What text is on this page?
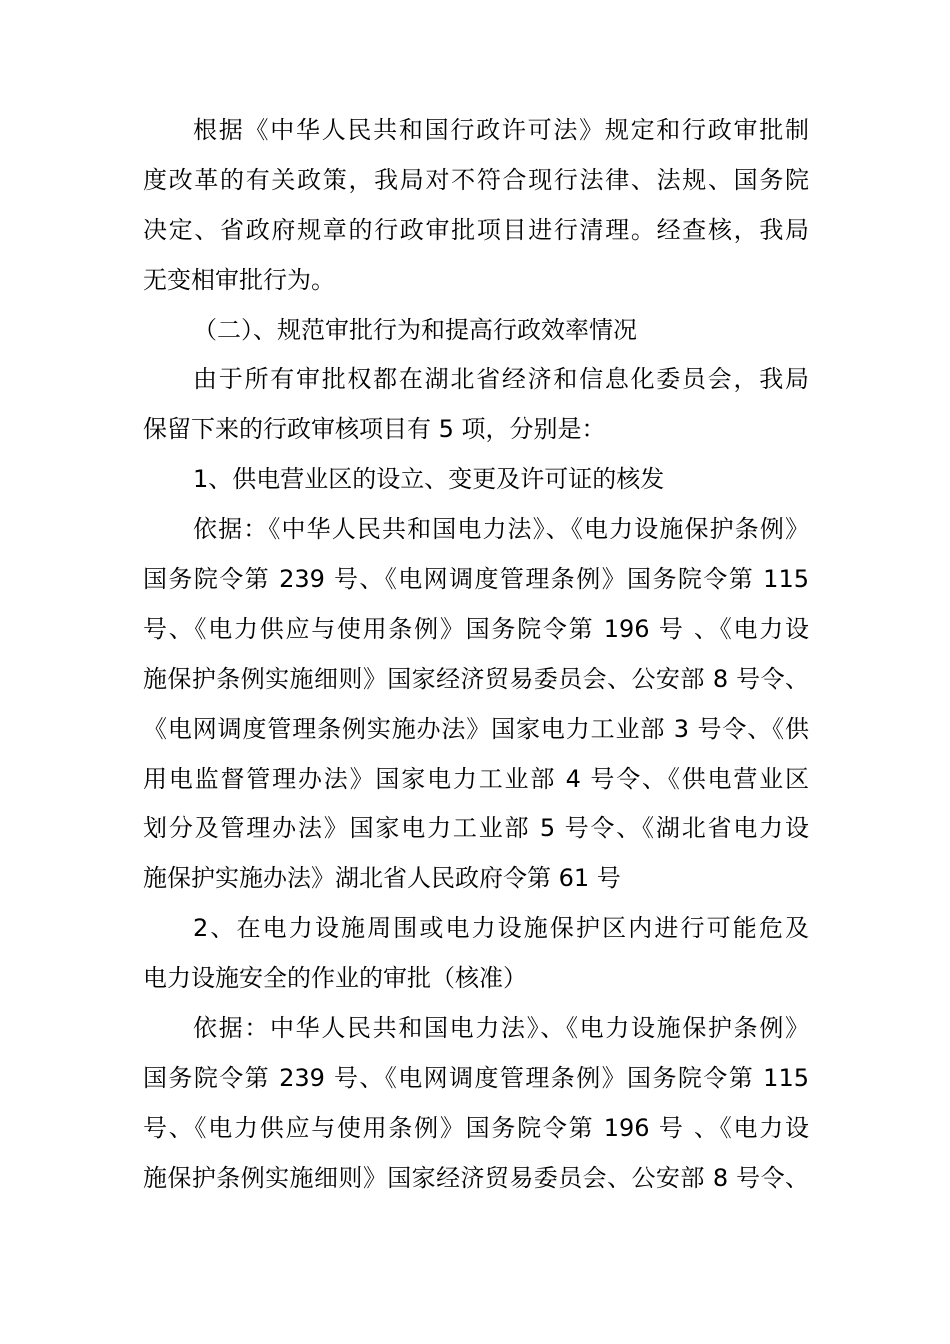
根据《中华人民共和国行政许可法》规定和行政审批制
度改革的有关政策，我局对不符合现行法律、法规、国务院
决定、省政府规章的行政审批项目进行清理。经查核，我局
无变相审批行为。
（二）、规范审批行为和提高行政效率情况
由于所有审批权都在湖北省经济和信息化委员会，我局
保留下来的行政审核项目有 5 项，分别是：
1、供电营业区的设立、变更及许可证的核发
依据：《中华人民共和国电力法》、《电力设施保护条例》
国务院令第 239 号、《电网调度管理条例》国务院令第 115
号、《电力供应与使用条例》国务院令第 196 号 、《电力设
施保护条例实施细则》国家经济贸易委员会、公安部 8 号令、
《电网调度管理条例实施办法》国家电力工业部 3 号令、《供
用电监督管理办法》国家电力工业部 4 号令、《供电营业区
划分及管理办法》国家电力工业部 5 号令、《湖北省电力设
施保护实施办法》湖北省人民政府令第 61 号
2、在电力设施周围或电力设施保护区内进行可能危及
电力设施安全的作业的审批（核准）
依据：中华人民共和国电力法》、《电力设施保护条例》
国务院令第 239 号、《电网调度管理条例》国务院令第 115
号、《电力供应与使用条例》国务院令第 196 号 、《电力设
施保护条例实施细则》国家经济贸易委员会、公安部 8 号令、
